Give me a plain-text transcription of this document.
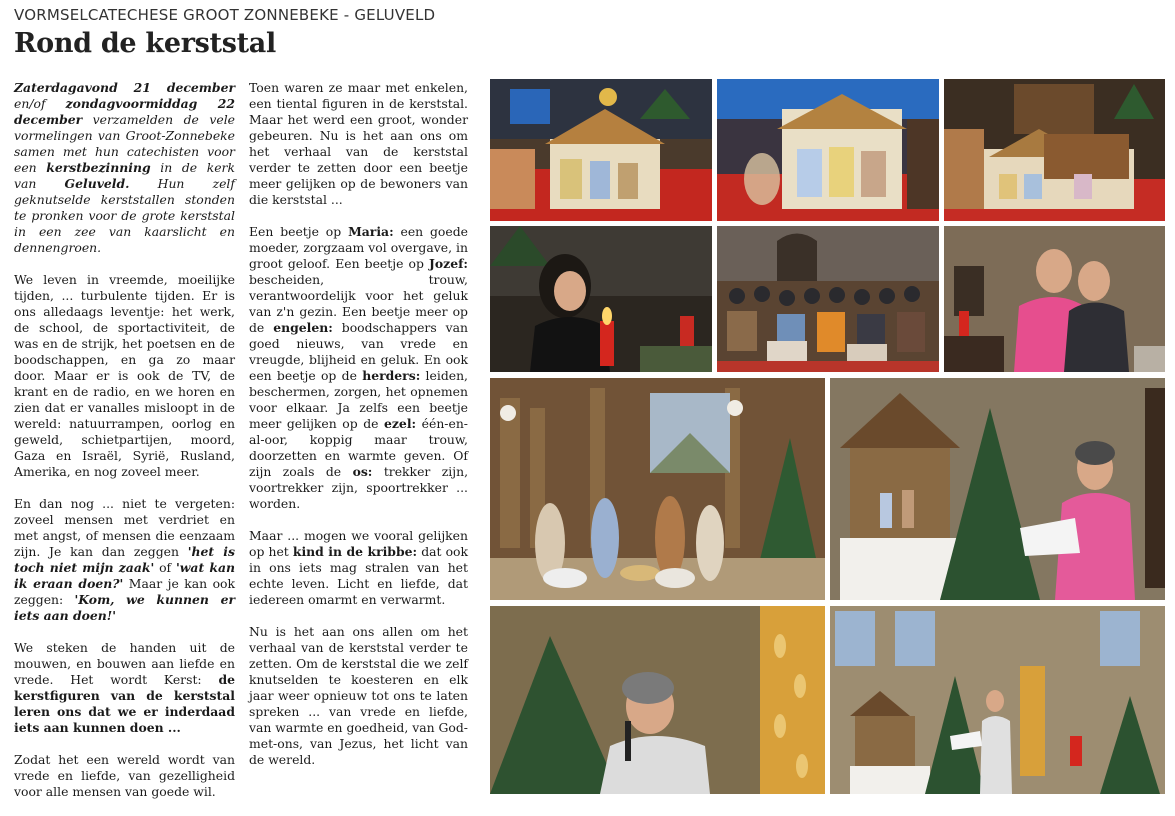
VORMSELCATECHESE GROOT ZONNEBEKE - GELUVELD
Rond de kerststal

Zaterdagavond 21 december en/of zondagvoormiddag 22 december verzamelden de vele vormelingen van Groot-Zonnebeke samen met hun catechisten voor een kerstbezinning in de kerk van Geluveld. Hun zelf geknutselde kerststallen stonden te pronken voor de grote kerststal in een zee van kaarslicht en dennengroen.

We leven in vreemde, moeilijke tijden, ... turbulente tijden. Er is ons alledaags leventje: het werk, de school, de sportactiviteit, de was en de strijk, het poetsen en de boodschappen, en ga zo maar door. Maar er is ook de TV, de krant en de radio, en we horen en zien dat er vanalles misloopt in de wereld: natuurrampen, oorlog en geweld, schietpartijen, moord, Gaza en Israël, Syrië, Rusland, Amerika, en nog zoveel meer.

En dan nog ... niet te vergeten: zoveel mensen met verdriet en met angst, of mensen die eenzaam zijn. Je kan dan zeggen 'het is toch niet mijn zaak' of 'wat kan ik eraan doen?' Maar je kan ook zeggen: 'Kom, we kunnen er iets aan doen!'

We steken de handen uit de mouwen, en bouwen aan liefde en vrede. Het wordt Kerst: de kerstfiguren van de kerststal leren ons dat we er inderdaad iets aan kunnen doen ...

Zodat het een wereld wordt van vrede en liefde, van gezelligheid voor alle mensen van goede wil.

Toen waren ze maar met enkelen, een tiental figuren in de kerststal. Maar het werd een groot, wonder gebeuren. Nu is het aan ons om het verhaal van de kerststal verder te zetten door een beetje meer gelijken op de bewoners van die kerststal ...

Een beetje op Maria: een goede moeder, zorgzaam vol overgave, in groot geloof. Een beetje op Jozef: bescheiden, trouw, verantwoordelijk voor het geluk van z'n gezin. Een beetje meer op de engelen: boodschappers van goed nieuws, van vrede en vreugde, blijheid en geluk. En ook een beetje op de herders: leiden, beschermen, zorgen, het opnemen voor elkaar. Ja zelfs een beetje meer gelijken op de ezel: één-en-al-oor, koppig maar trouw, doorzetten en warmte geven. Of zijn zoals de os: trekker zijn, voortrekker zijn, spoortrekker ... worden.

Maar ... mogen we vooral gelijken op het kind in de kribbe: dat ook in ons iets mag stralen van het echte leven. Licht en liefde, dat iedereen omarmt en verwarmt.

Nu is het aan ons allen om het verhaal van de kerststal verder te zetten. Om de kerststal die we zelf knutselden te koesteren en elk jaar weer opnieuw tot ons te laten spreken ... van vrede en liefde, van warmte en goedheid, van God-met-ons, van Jezus, het licht van de wereld.
